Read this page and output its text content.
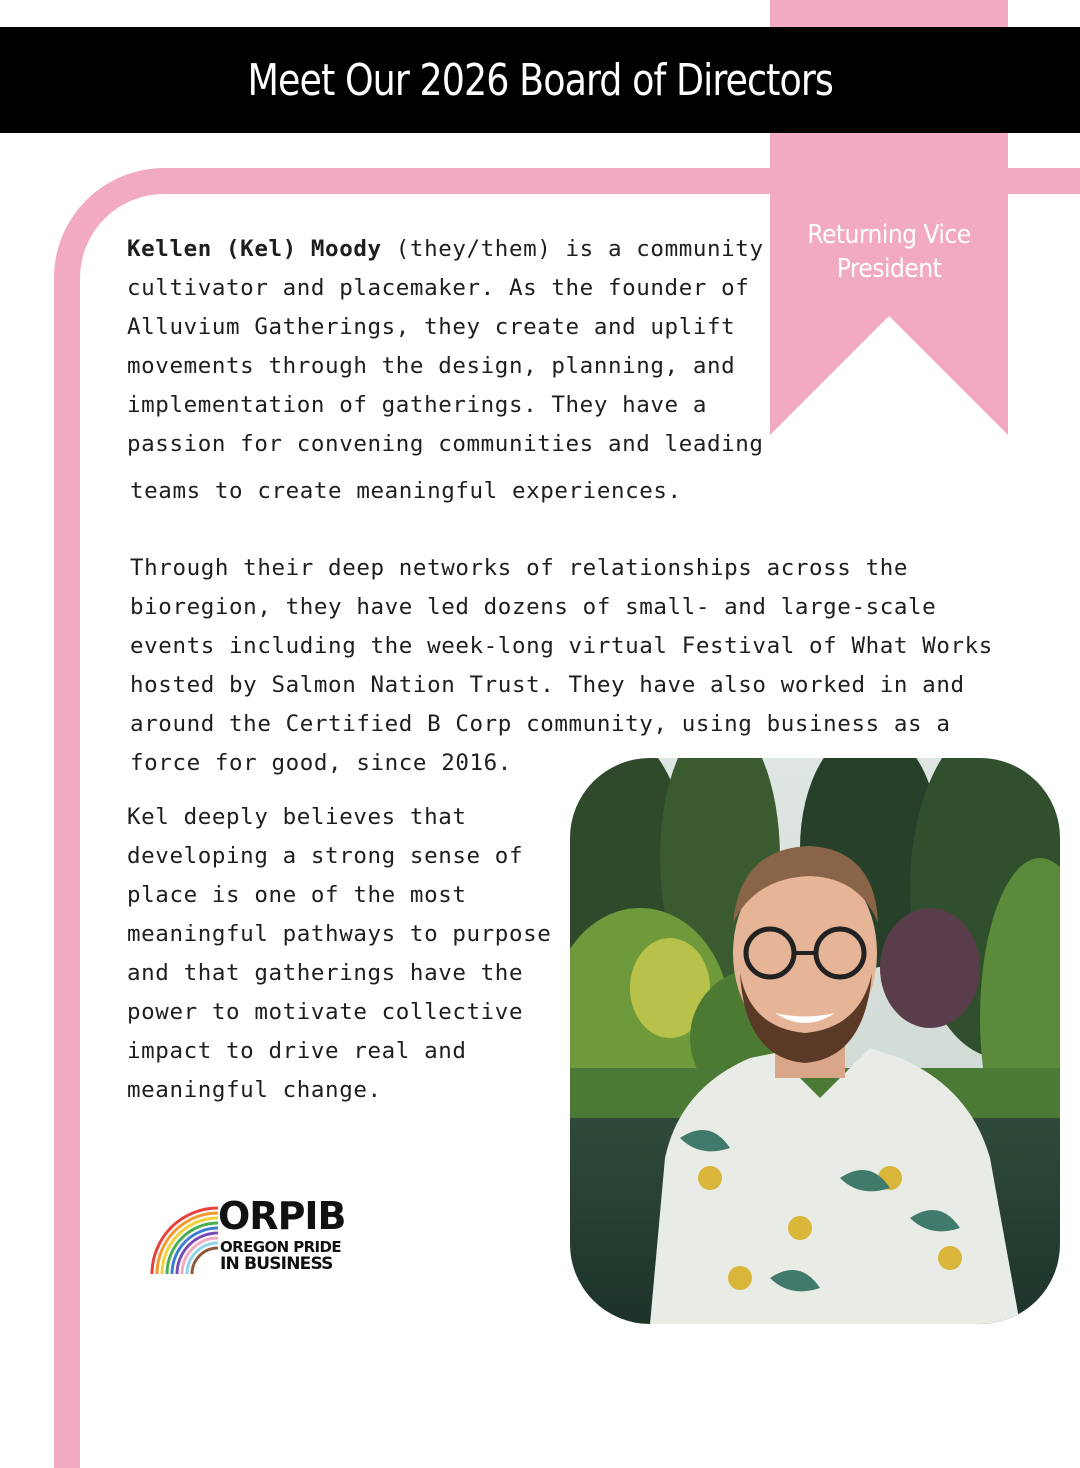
Meet Our 2026 Board of Directors
Returning Vice
President
Kellen (Kel) Moody (they/them) is a community
cultivator and placemaker. As the founder of
Alluvium Gatherings, they create and uplift
movements through the design, planning, and
implementation of gatherings. They have a
passion for convening communities and leading
teams to create meaningful experiences.
Through their deep networks of relationships across the
bioregion, they have led dozens of small- and large-scale
events including the week-long virtual Festival of What Works
hosted by Salmon Nation Trust. They have also worked in and
around the Certified B Corp community, using business as a
force for good, since 2016.
Kel deeply believes that
developing a strong sense of
place is one of the most
meaningful pathways to purpose
and that gatherings have the
power to motivate collective
impact to drive real and
meaningful change.
ORPIB
OREGON PRIDE
IN BUSINESS
